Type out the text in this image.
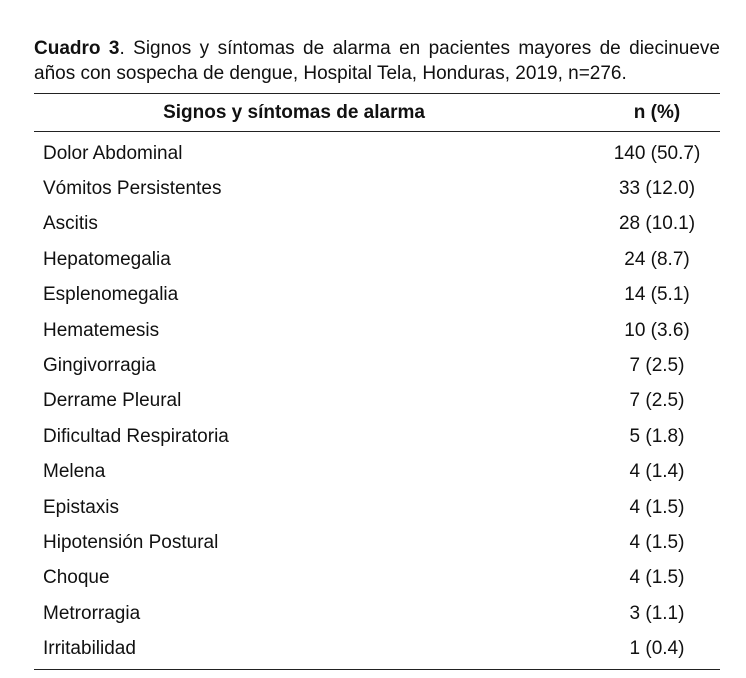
Cuadro 3. Signos y síntomas de alarma en pacientes mayores de diecinueve años con sospecha de dengue, Hospital Tela, Honduras, 2019, n=276.
Signos y síntomas de alarma	n (%)
Dolor Abdominal	140 (50.7)
Vómitos Persistentes	33 (12.0)
Ascitis	28 (10.1)
Hepatomegalia	24 (8.7)
Esplenomegalia	14 (5.1)
Hematemesis	10 (3.6)
Gingivorragia	7 (2.5)
Derrame Pleural	7 (2.5)
Dificultad Respiratoria	5 (1.8)
Melena	4 (1.4)
Epistaxis	4 (1.5)
Hipotensión Postural	4 (1.5)
Choque	4 (1.5)
Metrorragia	3 (1.1)
Irritabilidad	1 (0.4)
